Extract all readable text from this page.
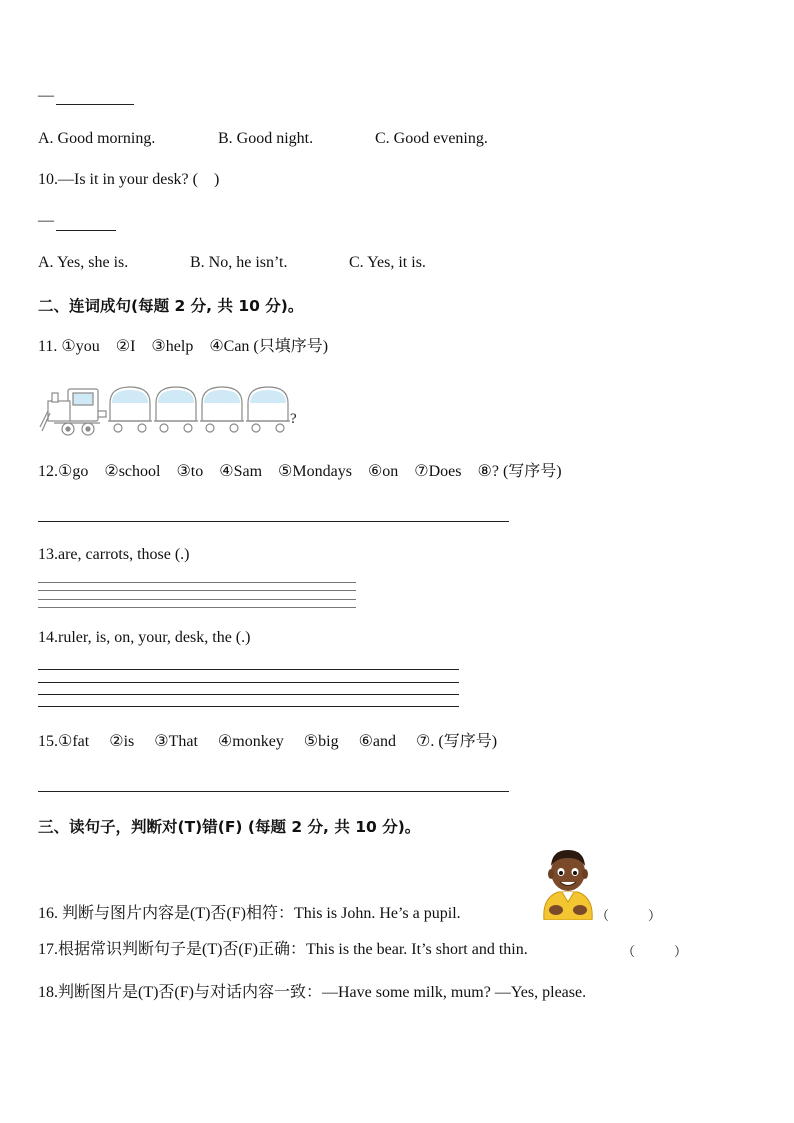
—
A. Good morning.	B. Good night.	C. Good evening.
10.—Is it in your desk? (　)
—
A. Yes, she is.	B. No, he isn’t.	C. Yes, it is.
二、连词成句(每题 2 分, 共 10 分)。
11. ①you　②I　③help　④Can (只填序号)
?
12.①go　②school　③to　④Sam　⑤Mondays　⑥on　⑦Does　⑧? (写序号)
13.are, carrots, those (.)
14.ruler, is, on, your, desk, the (.)
15.①fat　 ②is　 ③That　 ④monkey　 ⑤big　 ⑥and　 ⑦. (写序号)
三、读句子，判断对(T)错(F) (每题 2 分, 共 10 分)。
16. 判断与图片内容是(T)否(F)相符：This is John. He’s a pupil.	（　　　）
17.根据常识判断句子是(T)否(F)正确：This is the bear. It’s short and thin.	（　　　）
18.判断图片是(T)否(F)与对话内容一致：—Have some milk, mum? —Yes, please.
